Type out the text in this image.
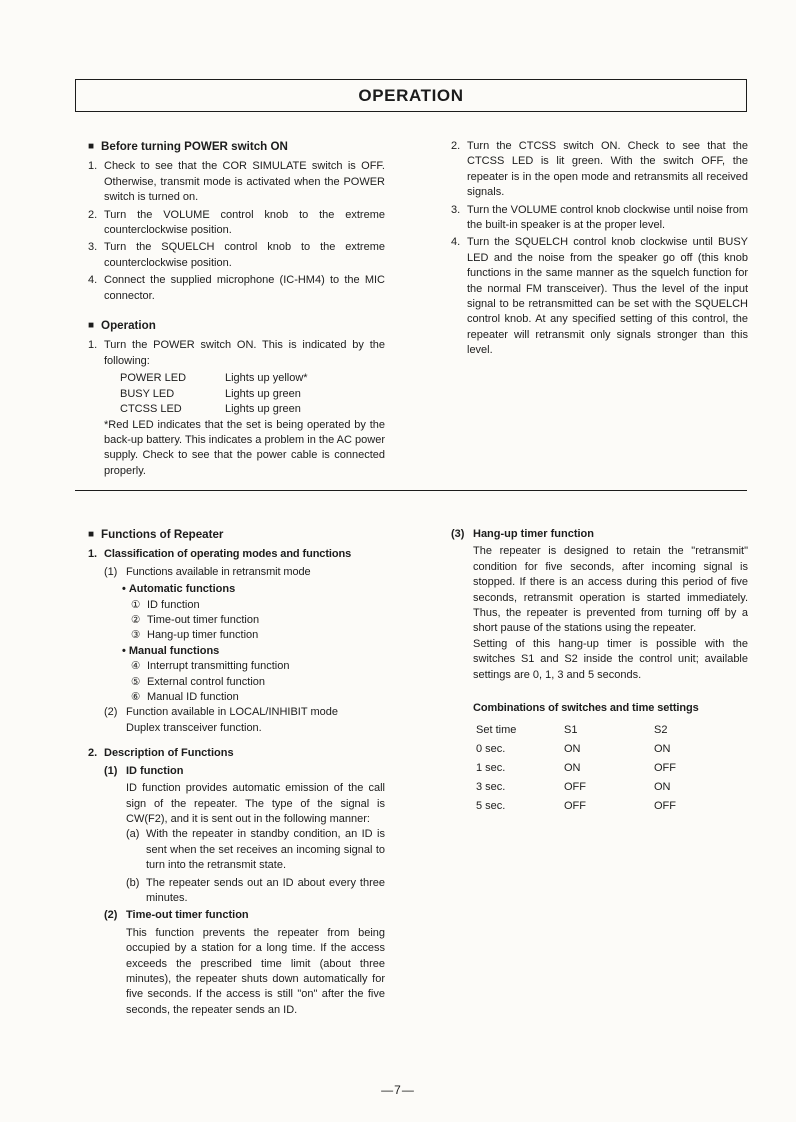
OPERATION
■ Before turning POWER switch ON
1. Check to see that the COR SIMULATE switch is OFF. Otherwise, transmit mode is activated when the POWER switch is turned on.
2. Turn the VOLUME control knob to the extreme counterclockwise position.
3. Turn the SQUELCH control knob to the extreme counterclockwise position.
4. Connect the supplied microphone (IC-HM4) to the MIC connector.
■ Operation
1. Turn the POWER switch ON. This is indicated by the following:
POWER LED	Lights up yellow*
BUSY LED	Lights up green
CTCSS LED	Lights up green
*Red LED indicates that the set is being operated by the back-up battery. This indicates a problem in the AC power supply. Check to see that the power cable is connected properly.
2. Turn the CTCSS switch ON. Check to see that the CTCSS LED is lit green. With the switch OFF, the repeater is in the open mode and retransmits all received signals.
3. Turn the VOLUME control knob clockwise until noise from the built-in speaker is at the proper level.
4. Turn the SQUELCH control knob clockwise until BUSY LED and the noise from the speaker go off (this knob functions in the same manner as the squelch function for the normal FM transceiver). Thus the level of the input signal to be retransmitted can be set with the SQUELCH control knob. At any specified setting of this control, the repeater will retransmit only signals stronger than this level.
■ Functions of Repeater
1. Classification of operating modes and functions
(1) Functions available in retransmit mode
• Automatic functions
① ID function
② Time-out timer function
③ Hang-up timer function
• Manual functions
④ Interrupt transmitting function
⑤ External control function
⑥ Manual ID function
(2) Function available in LOCAL/INHIBIT mode
Duplex transceiver function.
2. Description of Functions
(1) ID function
ID function provides automatic emission of the call sign of the repeater. The type of the signal is CW(F2), and it is sent out in the following manner:
(a) With the repeater in standby condition, an ID is sent when the set receives an incoming signal to turn into the retransmit state.
(b) The repeater sends out an ID about every three minutes.
(2) Time-out timer function
This function prevents the repeater from being occupied by a station for a long time. If the access exceeds the prescribed time limit (about three minutes), the repeater shuts down automatically for five seconds. If the access is still "on" after the five seconds, the repeater sends an ID.
(3) Hang-up timer function
The repeater is designed to retain the "retransmit" condition for five seconds, after incoming signal is stopped. If there is an access during this period of five seconds, retransmit operation is started immediately. Thus, the repeater is prevented from turning off by a short pause of the stations using the repeater.
Setting of this hang-up timer is possible with the switches S1 and S2 inside the control unit; available settings are 0, 1, 3 and 5 seconds.
Combinations of switches and time settings
Set time	S1	S2
0 sec.	ON	ON
1 sec.	ON	OFF
3 sec.	OFF	ON
5 sec.	OFF	OFF
—7—
